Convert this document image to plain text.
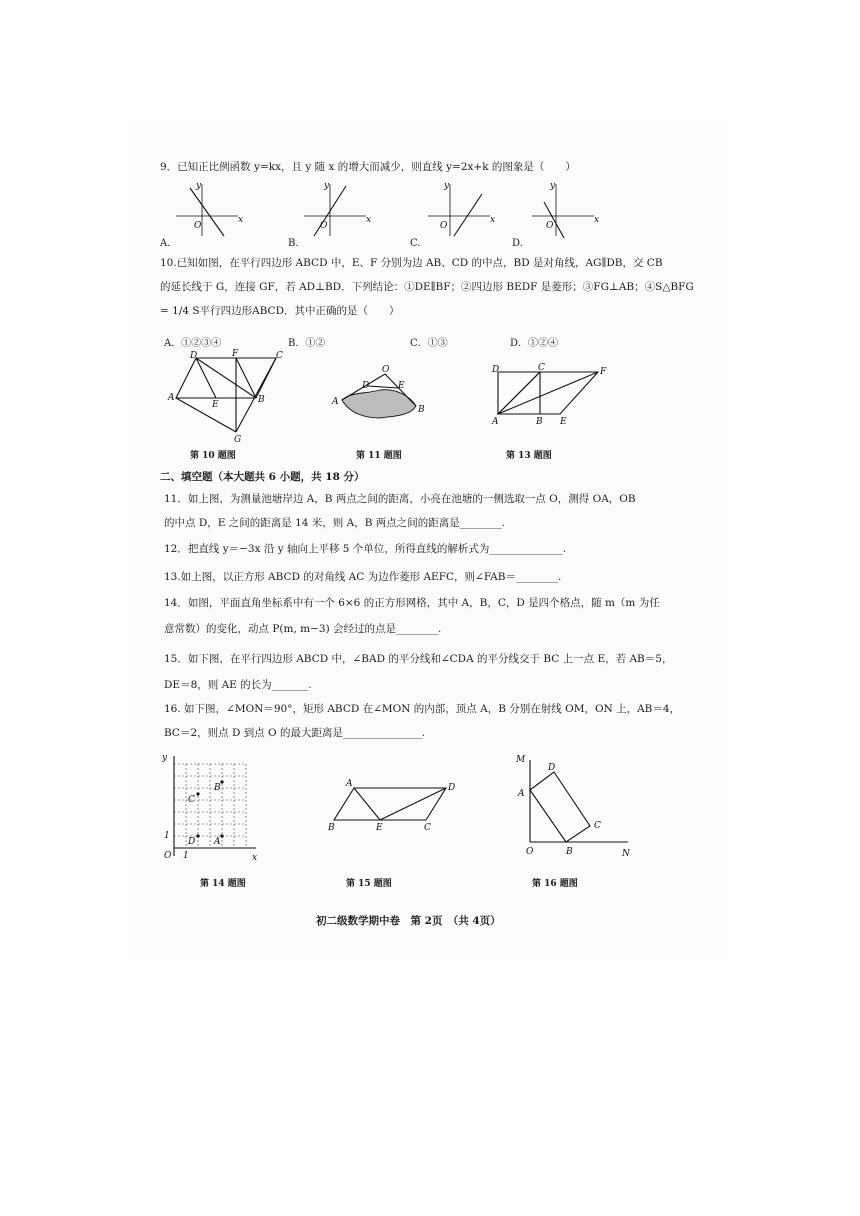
9．已知正比例函数 y=kx，且 y 随 x 的增大而减少，则直线 y=2x+k 的图象是（　　）
O
x
y
O
x
y
O
x
y
O
x
y
A.	B.	C.	D.
10.已知如图，在平行四边形 ABCD 中，E、F 分别为边 AB、CD 的中点，BD 是对角线，AG∥DB，交 CB
的延长线于 G，连接 GF，若 AD⊥BD．下列结论：①DE∥BF；②四边形 BEDF 是菱形；③FG⊥AB；④S△BFG
= 1/4 S平行四边形ABCD．其中正确的是（　　）
A．①②③④	B．①②	C．①③	D．①②④
D	F	C
A
E	B
G
第 10 题图
O
D	E
A
B
第 11 题图
D	C	F
A	B E
第 13 题图
二、填空题（本大题共 6 小题，共 18 分）
11．如上图，为测量池塘岸边 A，B 两点之间的距离，小亮在池塘的一侧选取一点 O，测得 OA，OB
的中点 D，E 之间的距离是 14 米，则 A，B 两点之间的距离是________.
12．把直线 y＝−3x 沿 y 轴向上平移 5 个单位，所得直线的解析式为______________.
13.如上图，以正方形 ABCD 的对角线 AC 为边作菱形 AEFC，则∠FAB＝________.
14．如图，平面直角坐标系中有一个 6×6 的正方形网格，其中 A，B，C，D 是四个格点，随 m（m 为任
意常数）的变化，动点 P(m, m−3) 会经过的点是________.
15．如下图，在平行四边形 ABCD 中，∠BAD 的平分线和∠CDA 的平分线交于 BC 上一点 E，若 AB＝5，
DE＝8，则 AE 的长为_______.
16. 如下图，∠MON＝90°，矩形 ABCD 在∠MON 的内部，顶点 A，B 分别在射线 OM，ON 上，AB＝4，
BC＝2，则点 D 到点 O 的最大距离是_______________.
y
B
C
D A
O
1
1	x
第 14 题图
A	D
B	E	C
第 15 题图
M
D
A
C
O	B	N
第 16 题图
初二级数学期中卷　第 2页　（共 4页）
